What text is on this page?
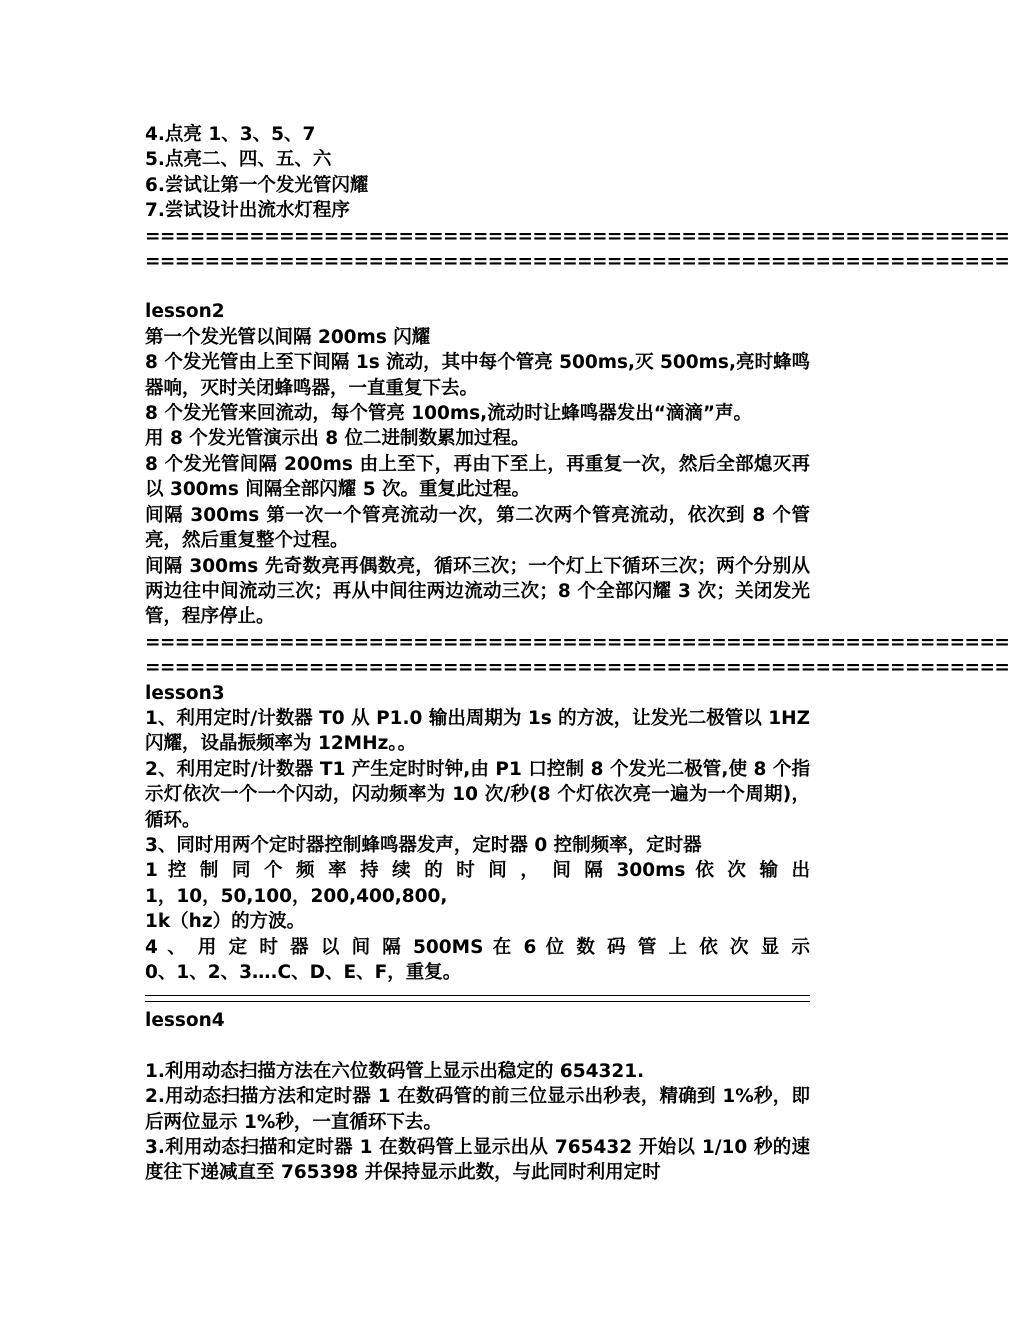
4.点亮 1、3、5、7
5.点亮二、四、五、六
6.尝试让第一个发光管闪耀
7.尝试设计出流水灯程序
==========================================================
==========================================================
lesson2
第一个发光管以间隔 200ms 闪耀
8 个发光管由上至下间隔 1s 流动，其中每个管亮 500ms,灭 500ms,亮时蜂鸣器响，灭时关闭蜂鸣器，一直重复下去。
8 个发光管来回流动，每个管亮 100ms,流动时让蜂鸣器发出“滴滴”声。
用 8 个发光管演示出 8 位二进制数累加过程。
8 个发光管间隔 200ms 由上至下，再由下至上，再重复一次，然后全部熄灭再以 300ms 间隔全部闪耀 5 次。重复此过程。
间隔 300ms 第一次一个管亮流动一次，第二次两个管亮流动，依次到 8 个管亮，然后重复整个过程。
间隔 300ms 先奇数亮再偶数亮，循环三次；一个灯上下循环三次；两个分别从两边往中间流动三次；再从中间往两边流动三次；8 个全部闪耀 3 次；关闭发光管，程序停止。
==========================================================
==========================================================
lesson3
1、利用定时/计数器 T0 从 P1.0 输出周期为 1s 的方波，让发光二极管以 1HZ 闪耀，设晶振频率为 12MHz。。
2、利用定时/计数器 T1 产生定时时钟,由 P1 口控制 8 个发光二极管,使 8 个指示灯依次一个一个闪动，闪动频率为 10 次/秒(8 个灯依次亮一遍为一个周期)，循环。
3、同时用两个定时器控制蜂鸣器发声，定时器 0 控制频率，定时器
1 控 制 同 个 频 率 持 续 的 时 间 ， 间 隔 300ms 依 次 输 出
1，10，50,100，200,400,800,
1k（hz）的方波。
4 、 用 定 时 器 以 间 隔 500MS 在 6 位 数 码 管 上 依 次 显 示
0、1、2、3….C、D、E、F，重复。
lesson4
1.利用动态扫描方法在六位数码管上显示出稳定的 654321.
2.用动态扫描方法和定时器 1 在数码管的前三位显示出秒表，精确到 1%秒，即后两位显示 1%秒，一直循环下去。
3.利用动态扫描和定时器 1 在数码管上显示出从 765432 开始以 1/10 秒的速度往下递减直至 765398 并保持显示此数，与此同时利用定时
